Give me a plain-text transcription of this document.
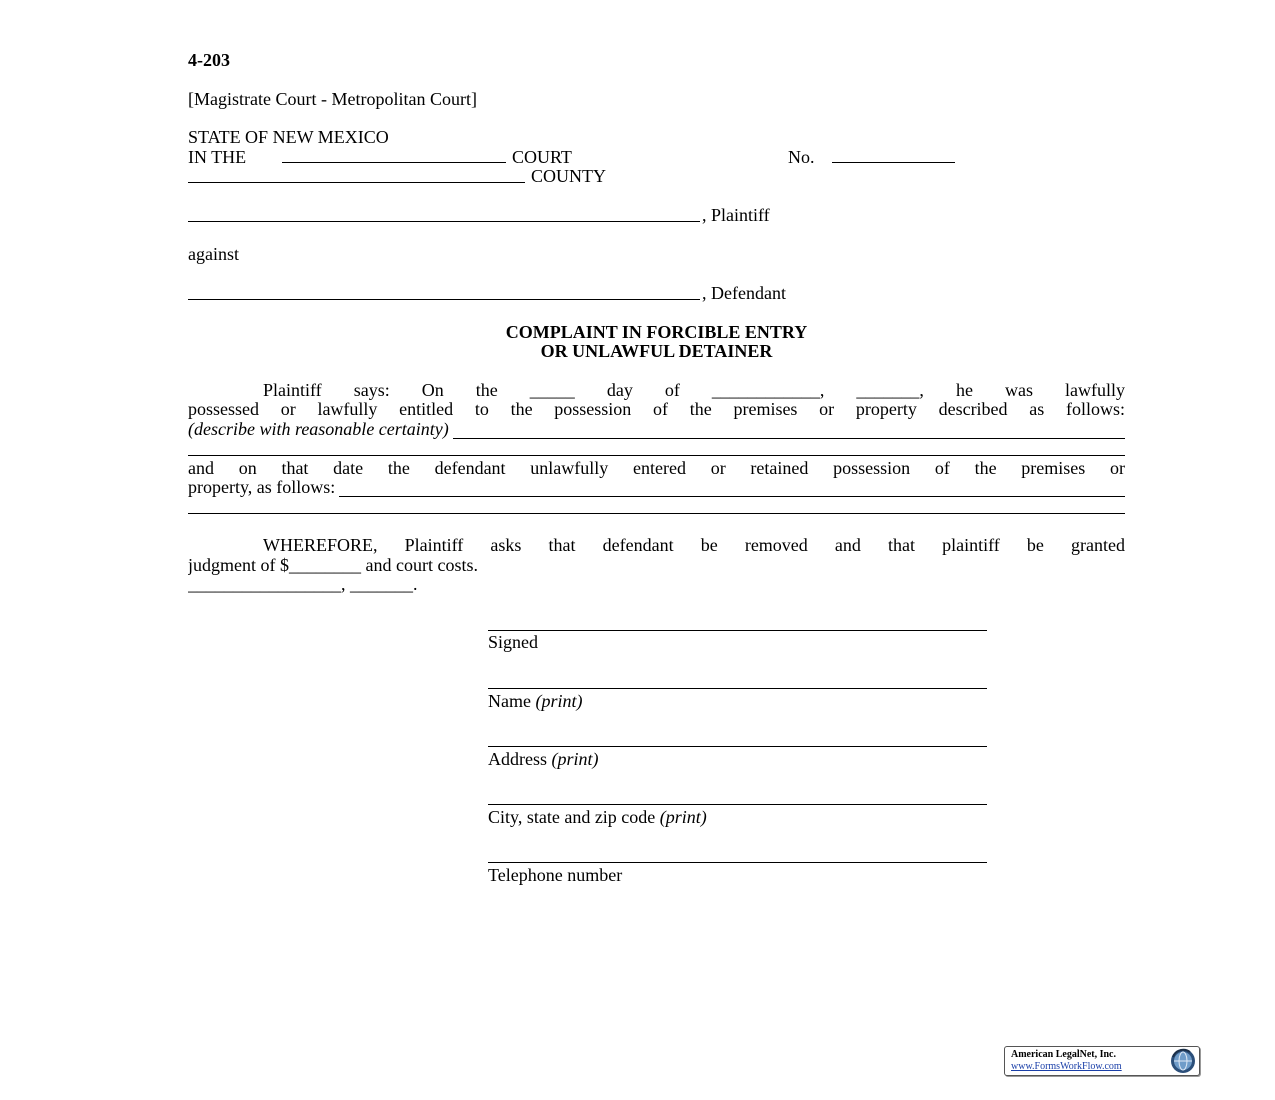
4-203
[Magistrate Court - Metropolitan Court]
STATE OF NEW MEXICO
IN THE	COURT	No.
COUNTY
, Plaintiff
against
, Defendant
COMPLAINT IN FORCIBLE ENTRY
OR UNLAWFUL DETAINER
Plaintiff says: On the _____ day of ____________, _______, he was lawfully
possessed or lawfully entitled to the possession of the premises or property described as follows:
(describe with reasonable certainty)
and on that date the defendant unlawfully entered or retained possession of the premises or
property, as follows:
WHEREFORE, Plaintiff asks that defendant be removed and that plaintiff be granted
judgment of $________ and court costs.
_________________, _______.
Signed
Name (print)
Address (print)
City, state and zip code (print)
Telephone number
American LegalNet, Inc.
www.FormsWorkFlow.com
